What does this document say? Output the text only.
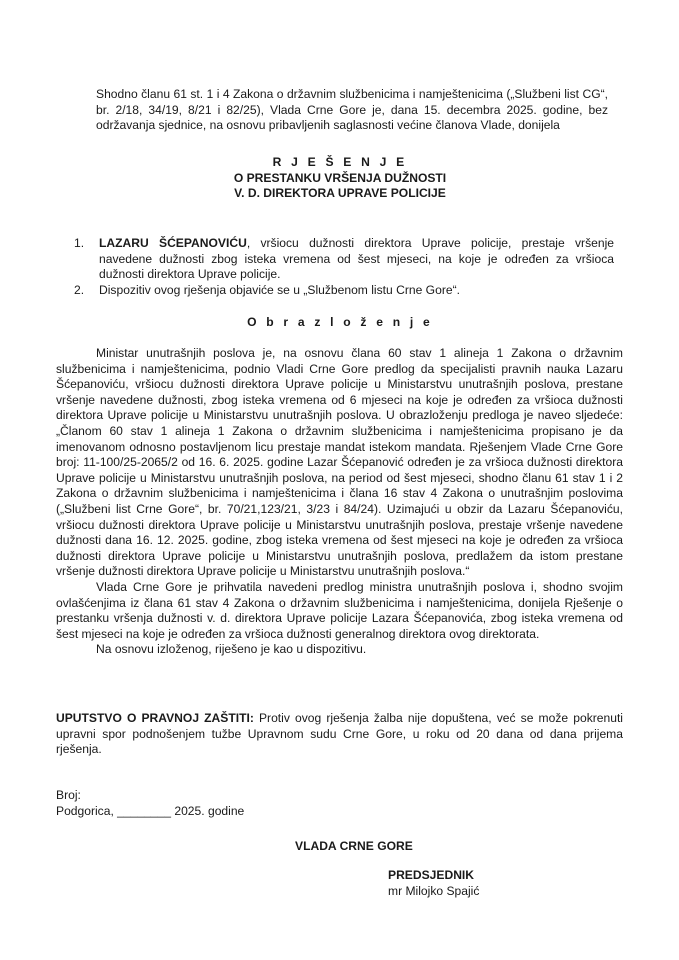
Shodno članu 61 st. 1 i 4 Zakona o državnim službenicima i namještenicima („Službeni list CG“, br. 2/18, 34/19, 8/21 i 82/25), Vlada Crne Gore je, dana 15. decembra 2025. godine, bez održavanja sjednice, na osnovu pribavljenih saglasnosti većine članova Vlade, donijela
R J E Š E N J E
O PRESTANKU VRŠENJA DUŽNOSTI
V. D. DIREKTORA UPRAVE POLICIJE
1. LAZARU ŠĆEPANOVIĆU, vršiocu dužnosti direktora Uprave policije, prestaje vršenje navedene dužnosti zbog isteka vremena od šest mjeseci, na koje je određen za vršioca dužnosti direktora Uprave policije.
2. Dispozitiv ovog rješenja objaviće se u „Službenom listu Crne Gore“.
O b r a z l o ž e n j e

Ministar unutrašnjih poslova je, na osnovu člana 60 stav 1 alineja 1 Zakona o državnim službenicima i namještenicima, podnio Vladi Crne Gore predlog da specijalisti pravnih nauka Lazaru Šćepanoviću, vršiocu dužnosti direktora Uprave policije u Ministarstvu unutrašnjih poslova, prestane vršenje navedene dužnosti, zbog isteka vremena od 6 mjeseci na koje je određen za vršioca dužnosti direktora Uprave policije u Ministarstvu unutrašnjih poslova. U obrazloženju predloga je naveo sljedeće: „Članom 60 stav 1 alineja 1 Zakona o državnim službenicima i namještenicima propisano je da imenovanom odnosno postavljenom licu prestaje mandat istekom mandata. Rješenjem Vlade Crne Gore broj: 11-100/25-2065/2 od 16. 6. 2025. godine Lazar Šćepanović određen je za vršioca dužnosti direktora Uprave policije u Ministarstvu unutrašnjih poslova, na period od šest mjeseci, shodno članu 61 stav 1 i 2 Zakona o državnim službenicima i namještenicima i člana 16 stav 4 Zakona o unutrašnjim poslovima („Službeni list Crne Gore“, br. 70/21,123/21, 3/23 i 84/24). Uzimajući u obzir da Lazaru Šćepanoviću, vršiocu dužnosti direktora Uprave policije u Ministarstvu unutrašnjih poslova, prestaje vršenje navedene dužnosti dana 16. 12. 2025. godine, zbog isteka vremena od šest mjeseci na koje je određen za vršioca dužnosti direktora Uprave policije u Ministarstvu unutrašnjih poslova, predlažem da istom prestane vršenje dužnosti direktora Uprave policije u Ministarstvu unutrašnjih poslova.“

Vlada Crne Gore je prihvatila navedeni predlog ministra unutrašnjih poslova i, shodno svojim ovlašćenjima iz člana 61 stav 4 Zakona o državnim službenicima i namještenicima, donijela Rješenje o prestanku vršenja dužnosti v. d. direktora Uprave policije Lazara Šćepanovića, zbog isteka vremena od šest mjeseci na koje je određen za vršioca dužnosti generalnog direktora ovog direktorata.

Na osnovu izloženog, riješeno je kao u dispozitivu.

UPUTSTVO O PRAVNOJ ZAŠTITI: Protiv ovog rješenja žalba nije dopuštena, već se može pokrenuti upravni spor podnošenjem tužbe Upravnom sudu Crne Gore, u roku od 20 dana od dana prijema rješenja.
Broj:
Podgorica, ________ 2025. godine
VLADA CRNE GORE
PREDSJEDNIK
mr Milojko Spajić
